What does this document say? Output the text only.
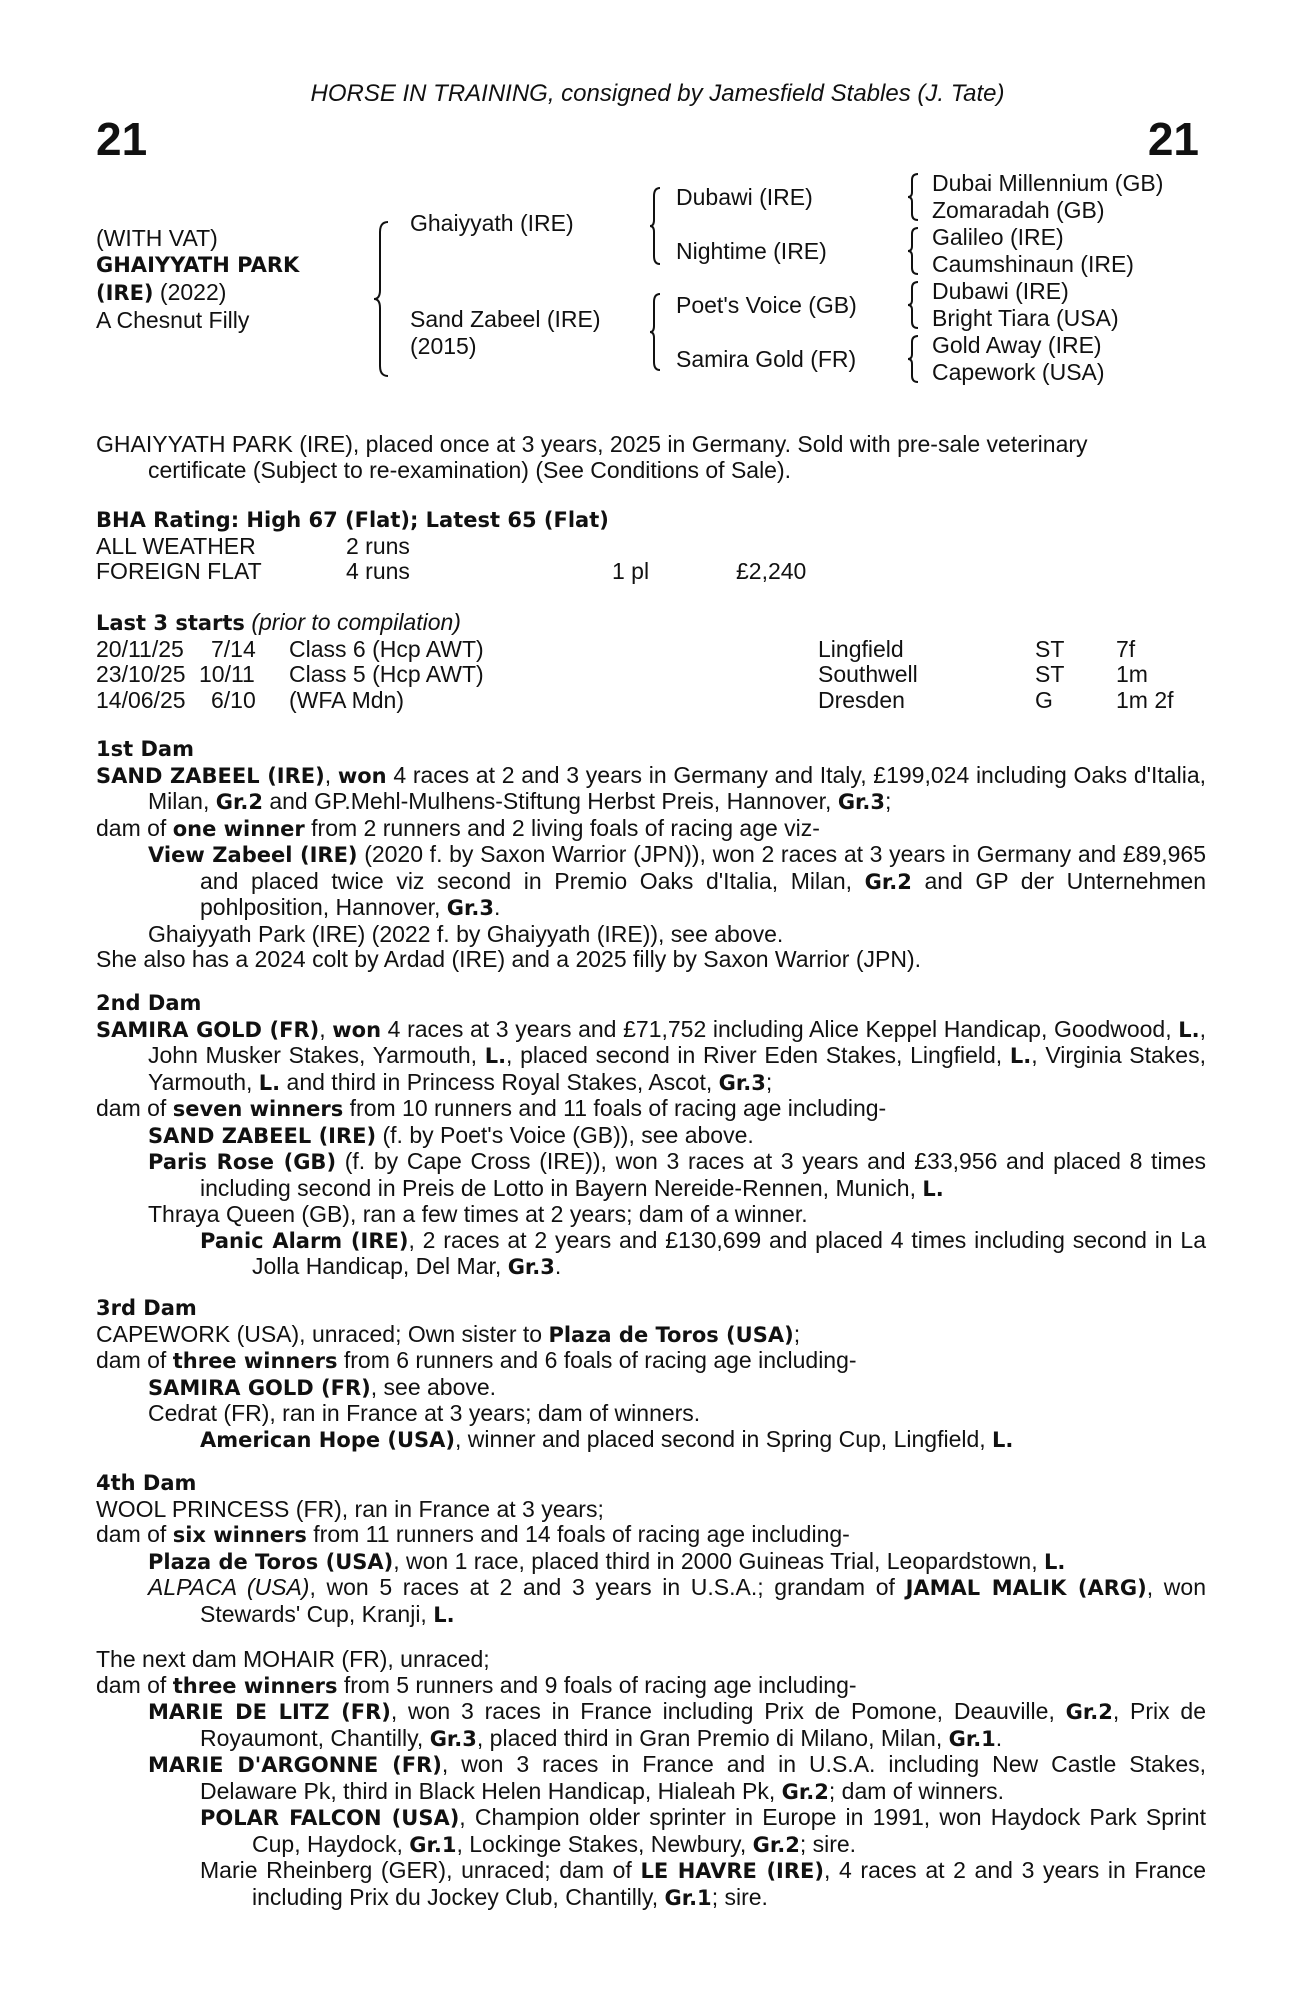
HORSE IN TRAINING, consigned by Jamesfield Stables (J. Tate)
21	21
(WITH VAT)
GHAIYYATH PARK
(IRE) (2022)
A Chesnut Filly
Ghaiyyath (IRE)
Sand Zabeel (IRE)
(2015)
Dubawi (IRE)
Nightime (IRE)
Poet's Voice (GB)
Samira Gold (FR)
Dubai Millennium (GB)
Zomaradah (GB)
Galileo (IRE)
Caumshinaun (IRE)
Dubawi (IRE)
Bright Tiara (USA)
Gold Away (IRE)
Capework (USA)

GHAIYYATH PARK (IRE), placed once at 3 years, 2025 in Germany. Sold with pre-sale veterinary

certificate (Subject to re-examination) (See Conditions of Sale).

BHA Rating: High 67 (Flat); Latest 65 (Flat)

ALL WEATHER	2 runs
FOREIGN FLAT	4 runs	1 pl	£2,240

Last 3 starts (prior to compilation)

20/11/25 7/14 Class 6 (Hcp AWT)	Lingfield	ST 7f
23/10/25 10/11 Class 5 (Hcp AWT)	Southwell	ST 1m
14/06/25 6/10 (WFA Mdn)	Dresden	G	1m 2f

1st Dam

SAND ZABEEL (IRE), won 4 races at 2 and 3 years in Germany and Italy, £199,024 including Oaks d'Italia, Milan, Gr.2 and GP.Mehl-Mulhens-Stiftung Herbst Preis, Hannover, Gr.3;

dam of one winner from 2 runners and 2 living foals of racing age viz-

View Zabeel (IRE) (2020 f. by Saxon Warrior (JPN)), won 2 races at 3 years in Germany and £89,965 and placed twice viz second in Premio Oaks d'Italia, Milan, Gr.2 and GP der Unternehmen pohlposition, Hannover, Gr.3.

Ghaiyyath Park (IRE) (2022 f. by Ghaiyyath (IRE)), see above.

She also has a 2024 colt by Ardad (IRE) and a 2025 filly by Saxon Warrior (JPN).

2nd Dam

SAMIRA GOLD (FR), won 4 races at 3 years and £71,752 including Alice Keppel Handicap, Goodwood, L., John Musker Stakes, Yarmouth, L., placed second in River Eden Stakes, Lingfield, L., Virginia Stakes, Yarmouth, L. and third in Princess Royal Stakes, Ascot, Gr.3;

dam of seven winners from 10 runners and 11 foals of racing age including-

SAND ZABEEL (IRE) (f. by Poet's Voice (GB)), see above.

Paris Rose (GB) (f. by Cape Cross (IRE)), won 3 races at 3 years and £33,956 and placed 8 times including second in Preis de Lotto in Bayern Nereide-Rennen, Munich, L.

Thraya Queen (GB), ran a few times at 2 years; dam of a winner.

Panic Alarm (IRE), 2 races at 2 years and £130,699 and placed 4 times including second in La Jolla Handicap, Del Mar, Gr.3.

3rd Dam

CAPEWORK (USA), unraced; Own sister to Plaza de Toros (USA);

dam of three winners from 6 runners and 6 foals of racing age including-

SAMIRA GOLD (FR), see above.

Cedrat (FR), ran in France at 3 years; dam of winners.

American Hope (USA), winner and placed second in Spring Cup, Lingfield, L.

4th Dam

WOOL PRINCESS (FR), ran in France at 3 years;

dam of six winners from 11 runners and 14 foals of racing age including-

Plaza de Toros (USA), won 1 race, placed third in 2000 Guineas Trial, Leopardstown, L.

ALPACA (USA), won 5 races at 2 and 3 years in U.S.A.; grandam of JAMAL MALIK (ARG), won Stewards' Cup, Kranji, L.

The next dam MOHAIR (FR), unraced;

dam of three winners from 5 runners and 9 foals of racing age including-

MARIE DE LITZ (FR), won 3 races in France including Prix de Pomone, Deauville, Gr.2, Prix de Royaumont, Chantilly, Gr.3, placed third in Gran Premio di Milano, Milan, Gr.1.

MARIE D'ARGONNE (FR), won 3 races in France and in U.S.A. including New Castle Stakes, Delaware Pk, third in Black Helen Handicap, Hialeah Pk, Gr.2; dam of winners.

POLAR FALCON (USA), Champion older sprinter in Europe in 1991, won Haydock Park Sprint Cup, Haydock, Gr.1, Lockinge Stakes, Newbury, Gr.2; sire.

Marie Rheinberg (GER), unraced; dam of LE HAVRE (IRE), 4 races at 2 and 3 years in France including Prix du Jockey Club, Chantilly, Gr.1; sire.
